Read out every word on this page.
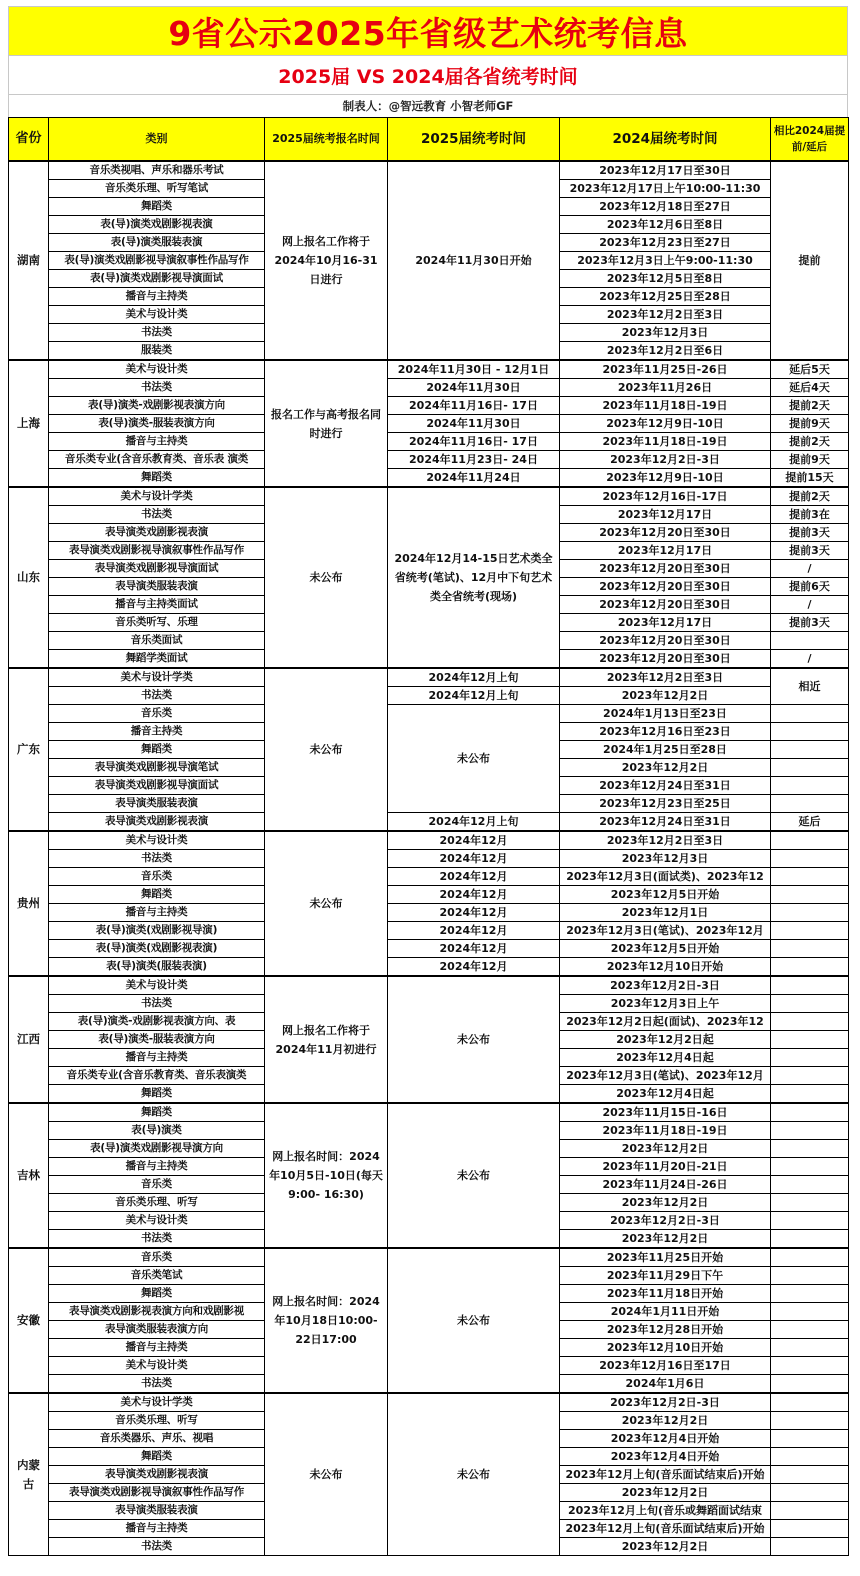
9省公示2025年省级艺术统考信息
2025届 VS 2024届各省统考时间
制表人：@智远教育 小智老师GF
省份	类别	2025届统考报名时间	2025届统考时间	2024届统考时间	相比2024届提前/延后
湖南	音乐类视唱、声乐和器乐考试	网上报名工作将于2024年10月16-31日进行	2024年11月30日开始	2023年12月17日至30日	提前
	音乐类乐理、听写笔试			2023年12月17日上午10:00-11:30	
	舞蹈类			2023年12月18日至27日	
	表(导)演类戏剧影视表演			2023年12月6日至8日	
	表(导)演类服装表演			2023年12月23日至27日	
	表(导)演类戏剧影视导演叙事性作品写作			2023年12月3日上午9:00-11:30	
	表(导)演类戏剧影视导演面试			2023年12月5日至8日	
	播音与主持类			2023年12月25日至28日	
	美术与设计类			2023年12月2日至3日	
	书法类			2023年12月3日	
	服装类			2023年12月2日至6日	
上海	美术与设计类	报名工作与高考报名同时进行	2024年11月30日 - 12月1日	2023年11月25日-26日	延后5天
	书法类		2024年11月30日	2023年11月26日	延后4天
	表(导)演类-戏剧影视表演方向		2024年11月16日- 17日	2023年11月18日-19日	提前2天
	表(导)演类-服装表演方向		2024年11月30日	2023年12月9日-10日	提前9天
	播音与主持类		2024年11月16日- 17日	2023年11月18日-19日	提前2天
	音乐类专业(含音乐教育类、音乐表 演类		2024年11月23日- 24日	2023年12月2日-3日	提前9天
	舞蹈类		2024年11月24日	2023年12月9日-10日	提前15天
山东	美术与设计学类	未公布	2024年12月14-15日艺术类全省统考(笔试)、12月中下旬艺术类全省统考(现场)	2023年12月16日-17日	提前2天
	书法类			2023年12月17日	提前3在
	表导演类戏剧影视表演			2023年12月20日至30日	提前3天
	表导演类戏剧影视导演叙事性作品写作			2023年12月17日	提前3天
	表导演类戏剧影视导演面试			2023年12月20日至30日	/
	表导演类服装表演			2023年12月20日至30日	提前6天
	播音与主持类面试			2023年12月20日至30日	/
	音乐类听写、乐理			2023年12月17日	提前3天
	音乐类面试			2023年12月20日至30日	
	舞蹈学类面试			2023年12月20日至30日	/
广东	美术与设计学类	未公布	2024年12月上旬	2023年12月2日至3日	相近
	书法类		2024年12月上旬	2023年12月2日	
	音乐类		未公布	2024年1月13日至23日	
	播音主持类			2023年12月16日至23日	
	舞蹈类			2024年1月25日至28日	
	表导演类戏剧影视导演笔试			2023年12月2日	
	表导演类戏剧影视导演面试			2023年12月24日至31日	
	表导演类服装表演			2023年12月23日至25日	
	表导演类戏剧影视表演		2024年12月上旬	2023年12月24日至31日	延后
贵州	美术与设计类	未公布	2024年12月	2023年12月2日至3日	
	书法类		2024年12月	2023年12月3日	
	音乐类		2024年12月	2023年12月3日(面试类)、2023年12	
	舞蹈类		2024年12月	2023年12月5日开始	
	播音与主持类		2024年12月	2023年12月1日	
	表(导)演类(戏剧影视导演)		2024年12月	2023年12月3日(笔试)、2023年12月	
	表(导)演类(戏剧影视表演)		2024年12月	2023年12月5日开始	
	表(导)演类(服装表演)		2024年12月	2023年12月10日开始	
江西	美术与设计类	网上报名工作将于2024年11月初进行	未公布	2023年12月2日-3日	
	书法类			2023年12月3日上午	
	表(导)演类-戏剧影视表演方向、表			2023年12月2日起(面试)、2023年12	
	表(导)演类-服装表演方向			2023年12月2日起	
	播音与主持类			2023年12月4日起	
	音乐类专业(含音乐教育类、音乐表演类			2023年12月3日(笔试)、2023年12月	
	舞蹈类			2023年12月4日起	
吉林	舞蹈类	网上报名时间：2024年10月5日-10日(每天9:00- 16:30)	未公布	2023年11月15日-16日	
	表(导)演类			2023年11月18日-19日	
	表(导)演类戏剧影视导演方向			2023年12月2日	
	播音与主持类			2023年11月20日-21日	
	音乐类			2023年11月24日-26日	
	音乐类乐理、听写			2023年12月2日	
	美术与设计类			2023年12月2日-3日	
	书法类			2023年12月2日	
安徽	音乐类	网上报名时间：2024年10月18日10:00-22日17:00	未公布	2023年11月25日开始	
	音乐类笔试			2023年11月29日下午	
	舞蹈类			2023年11月18日开始	
	表导演类戏剧影视表演方向和戏剧影视			2024年1月11日开始	
	表导演类服装表演方向			2023年12月28日开始	
	播音与主持类			2023年12月10日开始	
	美术与设计类			2023年12月16日至17日	
	书法类			2024年1月6日	
内蒙古	美术与设计学类	未公布	未公布	2023年12月2日-3日	
	音乐类乐理、听写			2023年12月2日	
	音乐类器乐、声乐、视唱			2023年12月4日开始	
	舞蹈类			2023年12月4日开始	
	表导演类戏剧影视表演			2023年12月上旬(音乐面试结束后)开始	
	表导演类戏剧影视导演叙事性作品写作			2023年12月2日	
	表导演类服装表演			2023年12月上旬(音乐或舞蹈面试结束	
	播音与主持类			2023年12月上旬(音乐面试结束后)开始	
	书法类			2023年12月2日	
